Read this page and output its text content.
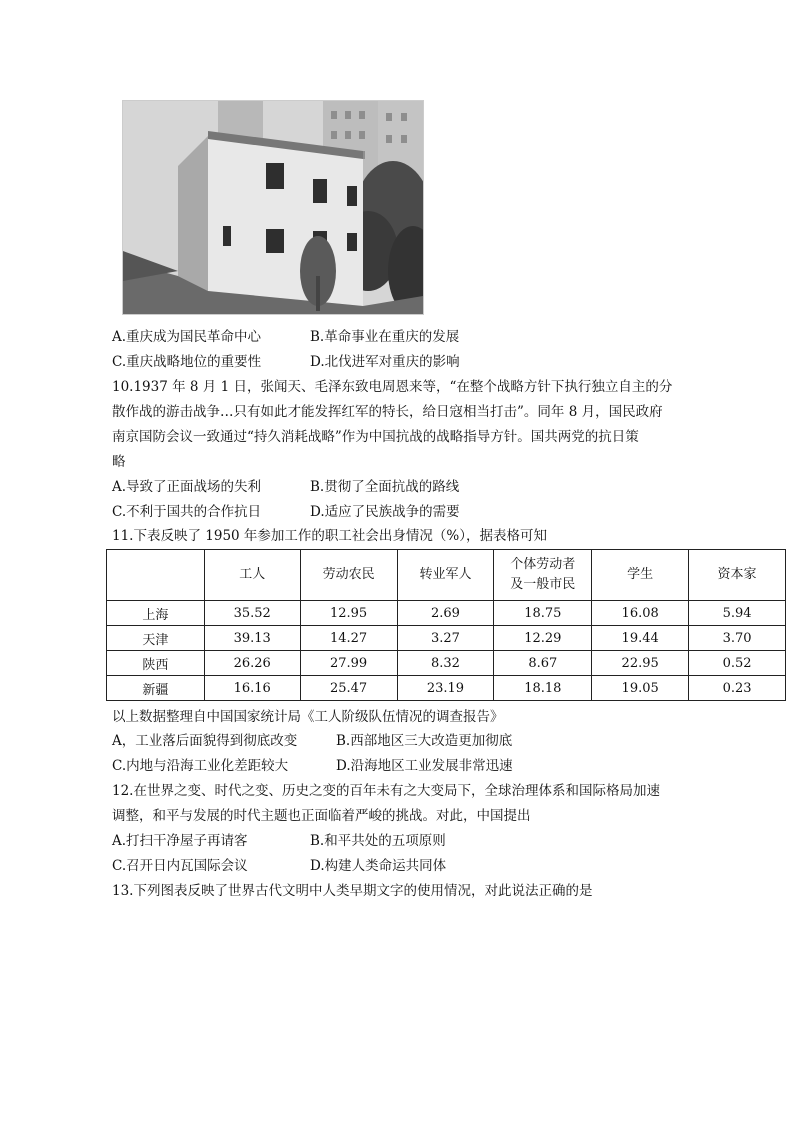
A.重庆成为国民革命中心	B.革命事业在重庆的发展
C.重庆战略地位的重要性	D.北伐进军对重庆的影响
10.1937 年 8 月 1 日，张闻天、毛泽东致电周恩来等，“在整个战略方针下执行独立自主的分
散作战的游击战争…只有如此才能发挥红军的特长，给日寇相当打击”。同年 8 月，国民政府
南京国防会议一致通过“持久消耗战略”作为中国抗战的战略指导方针。国共两党的抗日策
略
A.导致了正面战场的失利	B.贯彻了全面抗战的路线
C.不利于国共的合作抗日	D.适应了民族战争的需要
11.下表反映了 1950 年参加工作的职工社会出身情况（%），据表格可知
	工人	劳动农民	转业军人	个体劳动者
及一般市民	学生	资本家
上海	35.52	12.95	2.69	18.75	16.08	5.94
天津	39.13	14.27	3.27	12.29	19.44	3.70
陕西	26.26	27.99	8.32	8.67	22.95	0.52
新疆	16.16	25.47	23.19	18.18	19.05	0.23
以上数据整理自中国国家统计局《工人阶级队伍情况的调查报告》
A，工业落后面貌得到彻底改变	B.西部地区三大改造更加彻底
C.内地与沿海工业化差距较大	D.沿海地区工业发展非常迅速
12.在世界之变、时代之变、历史之变的百年未有之大变局下，全球治理体系和国际格局加速
调整，和平与发展的时代主题也正面临着严峻的挑战。对此，中国提出
A.打扫干净屋子再请客	B.和平共处的五项原则
C.召开日内瓦国际会议	D.构建人类命运共同体
13.下列图表反映了世界古代文明中人类早期文字的使用情况，对此说法正确的是
